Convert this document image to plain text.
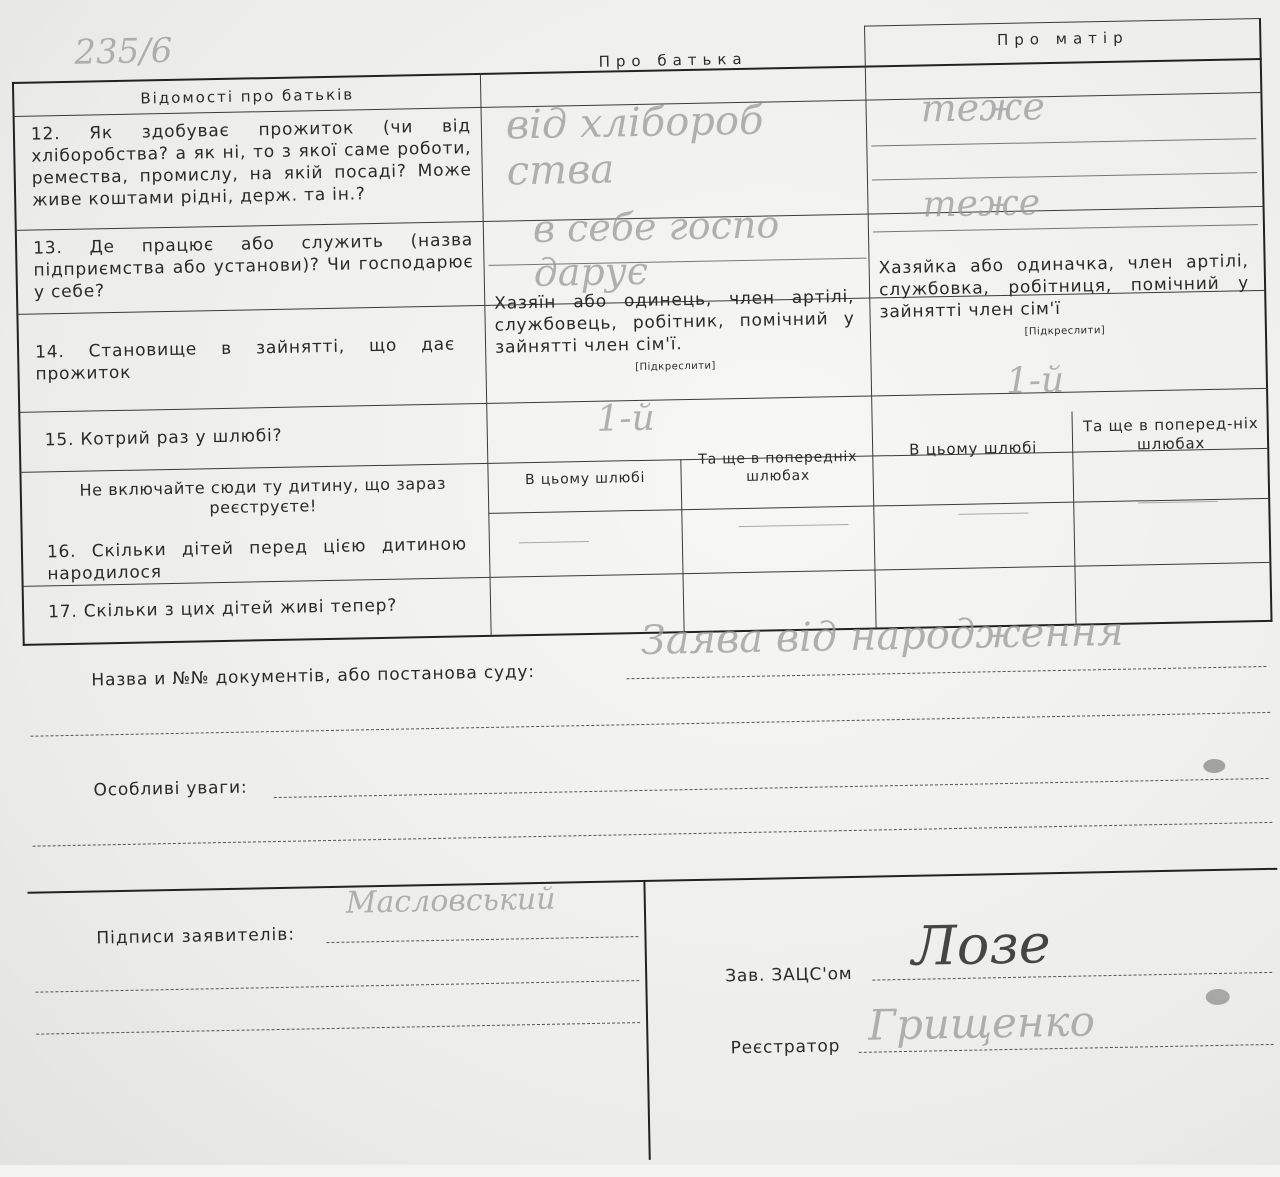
235/6
Відомості про батьків
Про батька
Про матір
12. Як здобуває прожиток (чи від хліборобства? а як ні, то з якої саме роботи, ремества, промислу, на якій посаді? Може живе коштами рідні, держ. та ін.?
від хлібороб ства
теже
13. Де працює або служить (назва підприємства або установи)? Чи господарює у себе?
в себе госпо дарує
теже
14. Становище в зайнятті, що дає прожиток
Хазяїн або одинець, член артілі, службовець, робітник, помічний у зайнятті член сім'ї.
[Підкреслити]
Хазяйка або одиначка, член артілі, службовка, робітниця, помічний у зайнятті член сім'ї
[Підкреслити]
15. Котрий раз у шлюбі?	1-й
1-й
Не включайте сюди ту дитину, що зараз реєструєте!
16. Скільки дітей перед цією дитиною народилося
В цьому шлюбі
Та ще в попередніх шлюбах
В цьому шлюбі
Та ще в поперед-ніх шлюбах
17. Скільки з цих дітей живі тепер?
Назва и №№ документів, або постанова суду:
Заява від народження
Особливі уваги:
Підписи заявителів:
Масловський
Зав. ЗАЦС'ом Лозе
Реєстратор Грищенко
